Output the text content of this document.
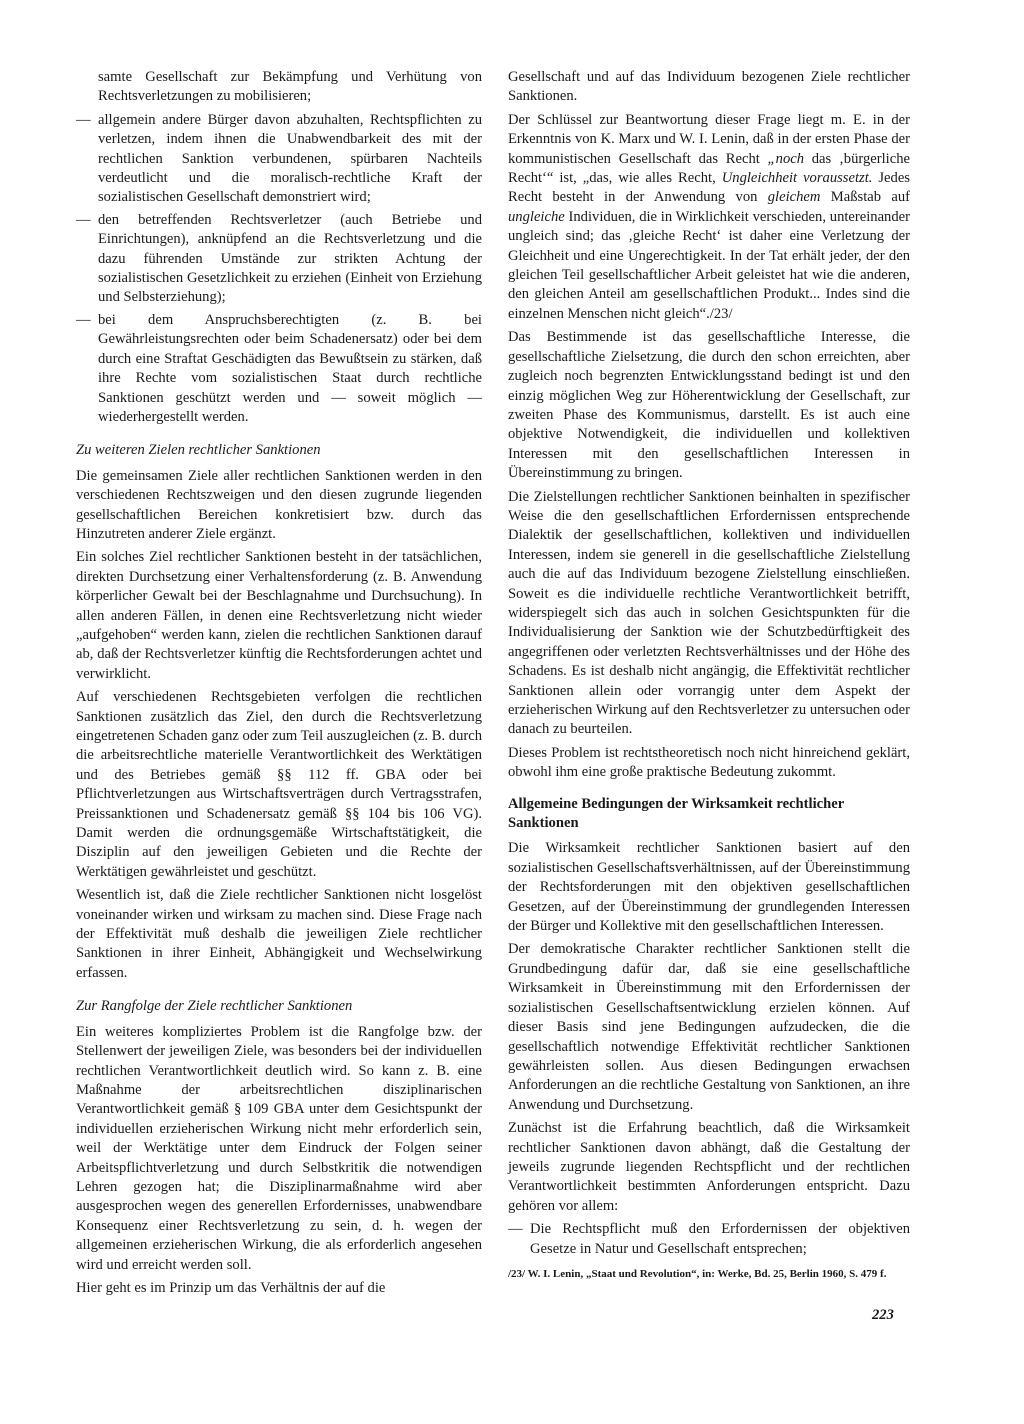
samte Gesellschaft zur Bekämpfung und Verhütung von Rechtsverletzungen zu mobilisieren;

— allgemein andere Bürger davon abzuhalten, Rechtspflichten zu verletzen, indem ihnen die Unabwendbarkeit des mit der rechtlichen Sanktion verbundenen, spürbaren Nachteils verdeutlicht und die moralisch-rechtliche Kraft der sozialistischen Gesellschaft demonstriert wird;
— den betreffenden Rechtsverletzer (auch Betriebe und Einrichtungen), anknüpfend an die Rechtsverletzung und die dazu führenden Umstände zur strikten Achtung der sozialistischen Gesetzlichkeit zu erziehen (Einheit von Erziehung und Selbsterziehung);
— bei dem Anspruchsberechtigten (z. B. bei Gewährleistungsrechten oder beim Schadenersatz) oder bei dem durch eine Straftat Geschädigten das Bewußtsein zu stärken, daß ihre Rechte vom sozialistischen Staat durch rechtliche Sanktionen geschützt werden und — soweit möglich — wiederhergestellt werden.
Zu weiteren Zielen rechtlicher Sanktionen

Die gemeinsamen Ziele aller rechtlichen Sanktionen werden in den verschiedenen Rechtszweigen und den diesen zugrunde liegenden gesellschaftlichen Bereichen konkretisiert bzw. durch das Hinzutreten anderer Ziele ergänzt.

Ein solches Ziel rechtlicher Sanktionen besteht in der tatsächlichen, direkten Durchsetzung einer Verhaltensforderung (z. B. Anwendung körperlicher Gewalt bei der Beschlagnahme und Durchsuchung). In allen anderen Fällen, in denen eine Rechtsverletzung nicht wieder „aufgehoben“ werden kann, zielen die rechtlichen Sanktionen darauf ab, daß der Rechtsverletzer künftig die Rechtsforderungen achtet und verwirklicht.

Auf verschiedenen Rechtsgebieten verfolgen die rechtlichen Sanktionen zusätzlich das Ziel, den durch die Rechtsverletzung eingetretenen Schaden ganz oder zum Teil auszugleichen (z. B. durch die arbeitsrechtliche materielle Verantwortlichkeit des Werktätigen und des Betriebes gemäß §§ 112 ff. GBA oder bei Pflichtverletzungen aus Wirtschaftsverträgen durch Vertragsstrafen, Preissanktionen und Schadenersatz gemäß §§ 104 bis 106 VG). Damit werden die ordnungsgemäße Wirtschaftstätigkeit, die Disziplin auf den jeweiligen Gebieten und die Rechte der Werktätigen gewährleistet und geschützt.

Wesentlich ist, daß die Ziele rechtlicher Sanktionen nicht losgelöst voneinander wirken und wirksam zu machen sind. Diese Frage nach der Effektivität muß deshalb die jeweiligen Ziele rechtlicher Sanktionen in ihrer Einheit, Abhängigkeit und Wechselwirkung erfassen.

Zur Rangfolge der Ziele rechtlicher Sanktionen

Ein weiteres kompliziertes Problem ist die Rangfolge bzw. der Stellenwert der jeweiligen Ziele, was besonders bei der individuellen rechtlichen Verantwortlichkeit deutlich wird. So kann z. B. eine Maßnahme der arbeitsrechtlichen disziplinarischen Verantwortlichkeit gemäß § 109 GBA unter dem Gesichtspunkt der individuellen erzieherischen Wirkung nicht mehr erforderlich sein, weil der Werktätige unter dem Eindruck der Folgen seiner Arbeitspflichtverletzung und durch Selbstkritik die notwendigen Lehren gezogen hat; die Disziplinarmaßnahme wird aber ausgesprochen wegen des generellen Erfordernisses, unabwendbare Konsequenz einer Rechtsverletzung zu sein, d. h. wegen der allgemeinen erzieherischen Wirkung, die als erforderlich angesehen wird und erreicht werden soll.

Hier geht es im Prinzip um das Verhältnis der auf die

Gesellschaft und auf das Individuum bezogenen Ziele rechtlicher Sanktionen.

Der Schlüssel zur Beantwortung dieser Frage liegt m. E. in der Erkenntnis von K. Marx und W. I. Lenin, daß in der ersten Phase der kommunistischen Gesellschaft das Recht „noch das ‚bürgerliche Recht‘“ ist, „das, wie alles Recht, Ungleichheit voraussetzt. Jedes Recht besteht in der Anwendung von gleichem Maßstab auf ungleiche Individuen, die in Wirklichkeit verschieden, untereinander ungleich sind; das ‚gleiche Recht‘ ist daher eine Verletzung der Gleichheit und eine Ungerechtigkeit. In der Tat erhält jeder, der den gleichen Teil gesellschaftlicher Arbeit geleistet hat wie die anderen, den gleichen Anteil am gesellschaftlichen Produkt... Indes sind die einzelnen Menschen nicht gleich“./23/

Das Bestimmende ist das gesellschaftliche Interesse, die gesellschaftliche Zielsetzung, die durch den schon erreichten, aber zugleich noch begrenzten Entwicklungsstand bedingt ist und den einzig möglichen Weg zur Höherentwicklung der Gesellschaft, zur zweiten Phase des Kommunismus, darstellt. Es ist auch eine objektive Notwendigkeit, die individuellen und kollektiven Interessen mit den gesellschaftlichen Interessen in Übereinstimmung zu bringen.

Die Zielstellungen rechtlicher Sanktionen beinhalten in spezifischer Weise die den gesellschaftlichen Erfordernissen entsprechende Dialektik der gesellschaftlichen, kollektiven und individuellen Interessen, indem sie generell in die gesellschaftliche Zielstellung auch die auf das Individuum bezogene Zielstellung einschließen. Soweit es die individuelle rechtliche Verantwortlichkeit betrifft, widerspiegelt sich das auch in solchen Gesichtspunkten für die Individualisierung der Sanktion wie der Schutzbedürftigkeit des angegriffenen oder verletzten Rechtsverhältnisses und der Höhe des Schadens. Es ist deshalb nicht angängig, die Effektivität rechtlicher Sanktionen allein oder vorrangig unter dem Aspekt der erzieherischen Wirkung auf den Rechtsverletzer zu untersuchen oder danach zu beurteilen.

Dieses Problem ist rechtstheoretisch noch nicht hinreichend geklärt, obwohl ihm eine große praktische Bedeutung zukommt.

Allgemeine Bedingungen der Wirksamkeit rechtlicher Sanktionen

Die Wirksamkeit rechtlicher Sanktionen basiert auf den sozialistischen Gesellschaftsverhältnissen, auf der Übereinstimmung der Rechtsforderungen mit den objektiven gesellschaftlichen Gesetzen, auf der Übereinstimmung der grundlegenden Interessen der Bürger und Kollektive mit den gesellschaftlichen Interessen.

Der demokratische Charakter rechtlicher Sanktionen stellt die Grundbedingung dafür dar, daß sie eine gesellschaftliche Wirksamkeit in Übereinstimmung mit den Erfordernissen der sozialistischen Gesellschaftsentwicklung erzielen können. Auf dieser Basis sind jene Bedingungen aufzudecken, die die gesellschaftlich notwendige Effektivität rechtlicher Sanktionen gewährleisten sollen. Aus diesen Bedingungen erwachsen Anforderungen an die rechtliche Gestaltung von Sanktionen, an ihre Anwendung und Durchsetzung.

Zunächst ist die Erfahrung beachtlich, daß die Wirksamkeit rechtlicher Sanktionen davon abhängt, daß die Gestaltung der jeweils zugrunde liegenden Rechtspflicht und der rechtlichen Verantwortlichkeit bestimmten Anforderungen entspricht. Dazu gehören vor allem:

— Die Rechtspflicht muß den Erfordernissen der objektiven Gesetze in Natur und Gesellschaft entsprechen;
/23/ W. I. Lenin, „Staat und Revolution“, in: Werke, Bd. 25, Berlin 1960, S. 479 f.
223
